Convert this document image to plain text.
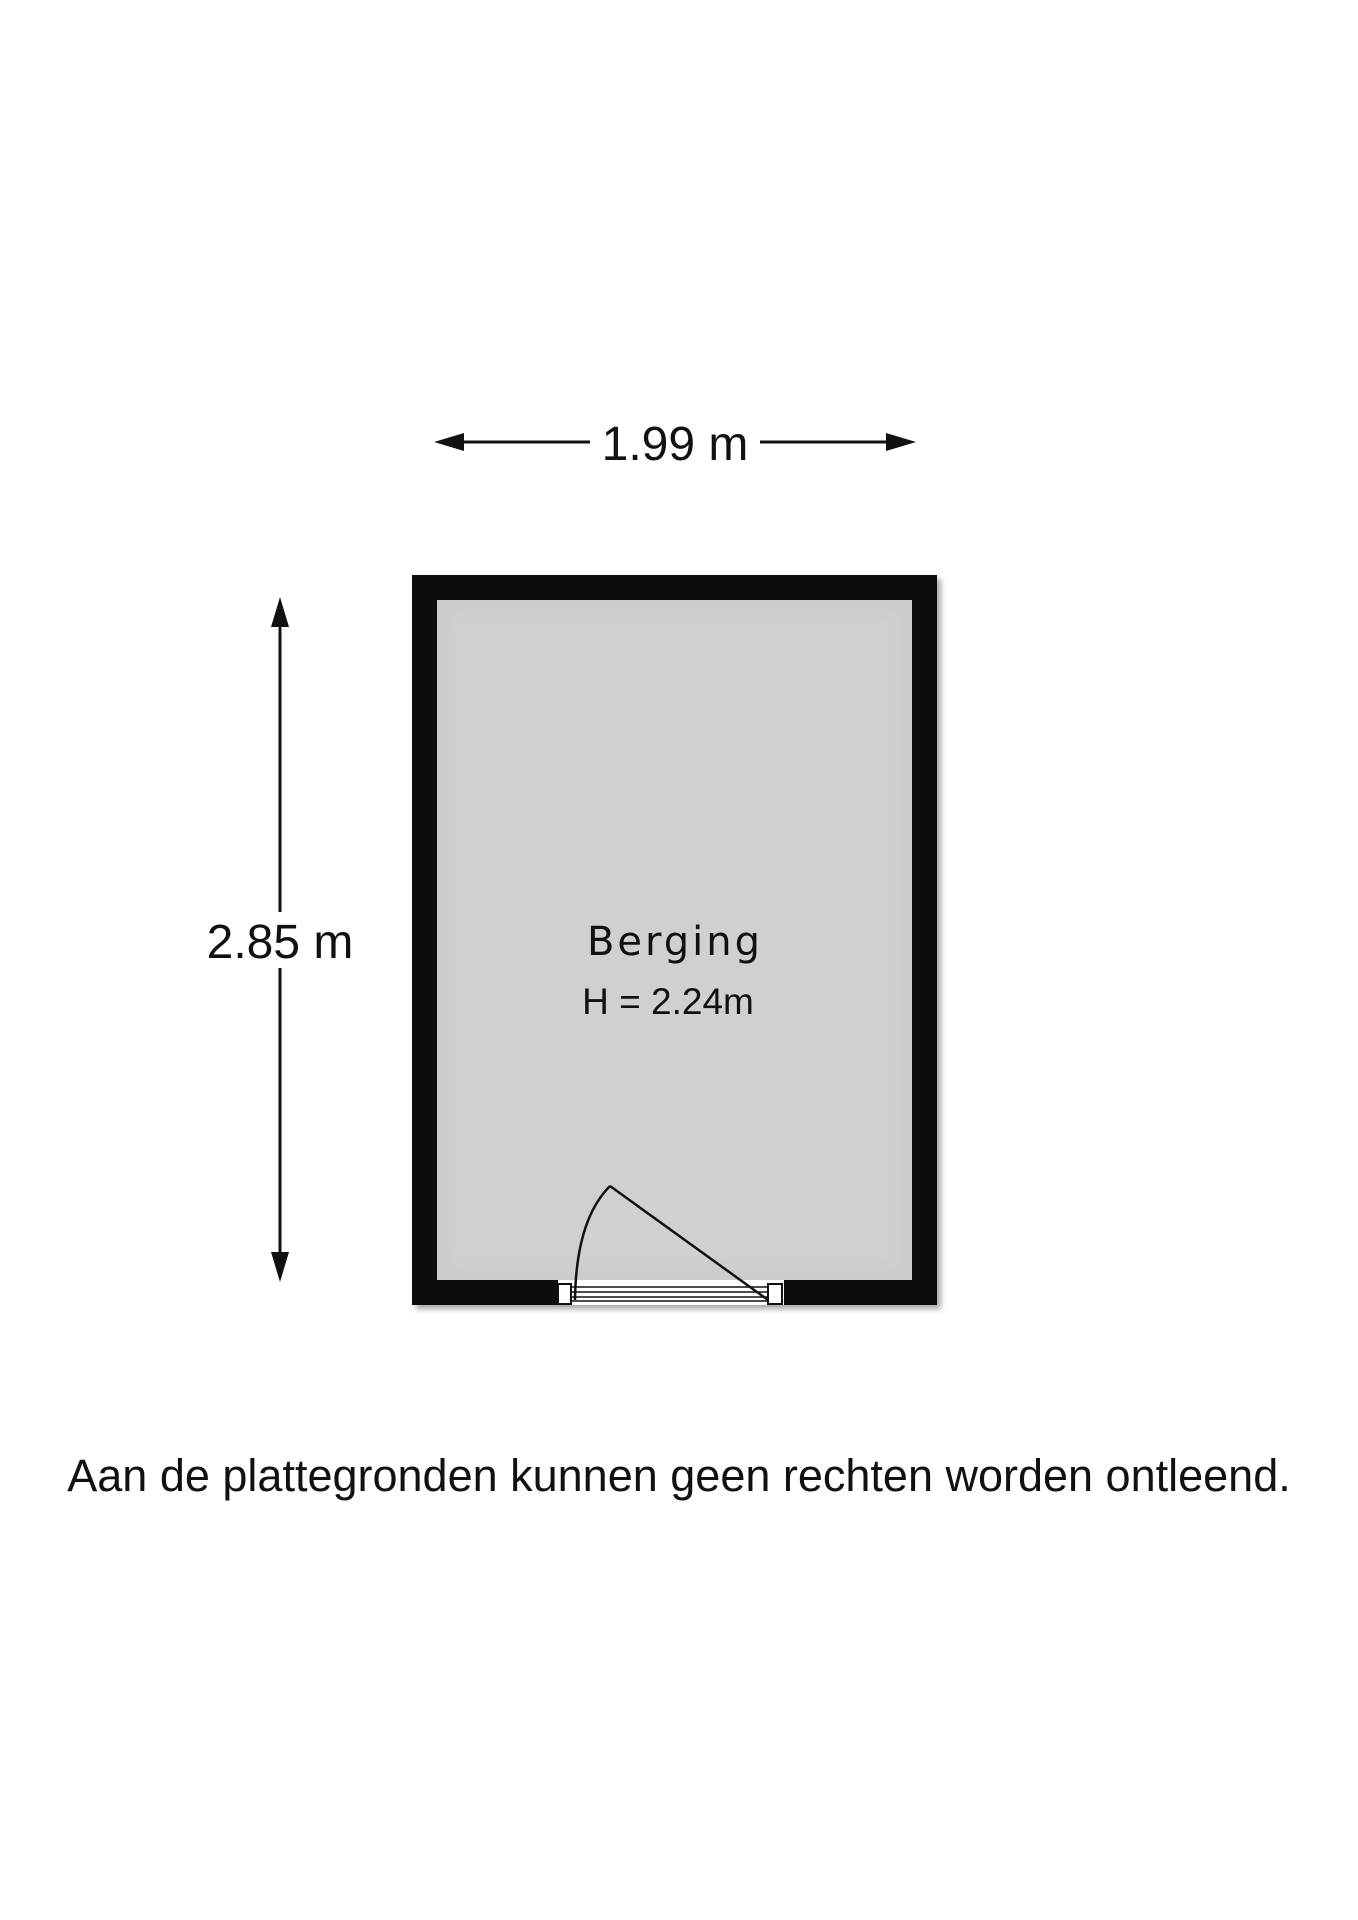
1.99 m
2.85 m	Berging
H = 2.24m
Aan de plattegronden kunnen geen rechten worden ontleend.
